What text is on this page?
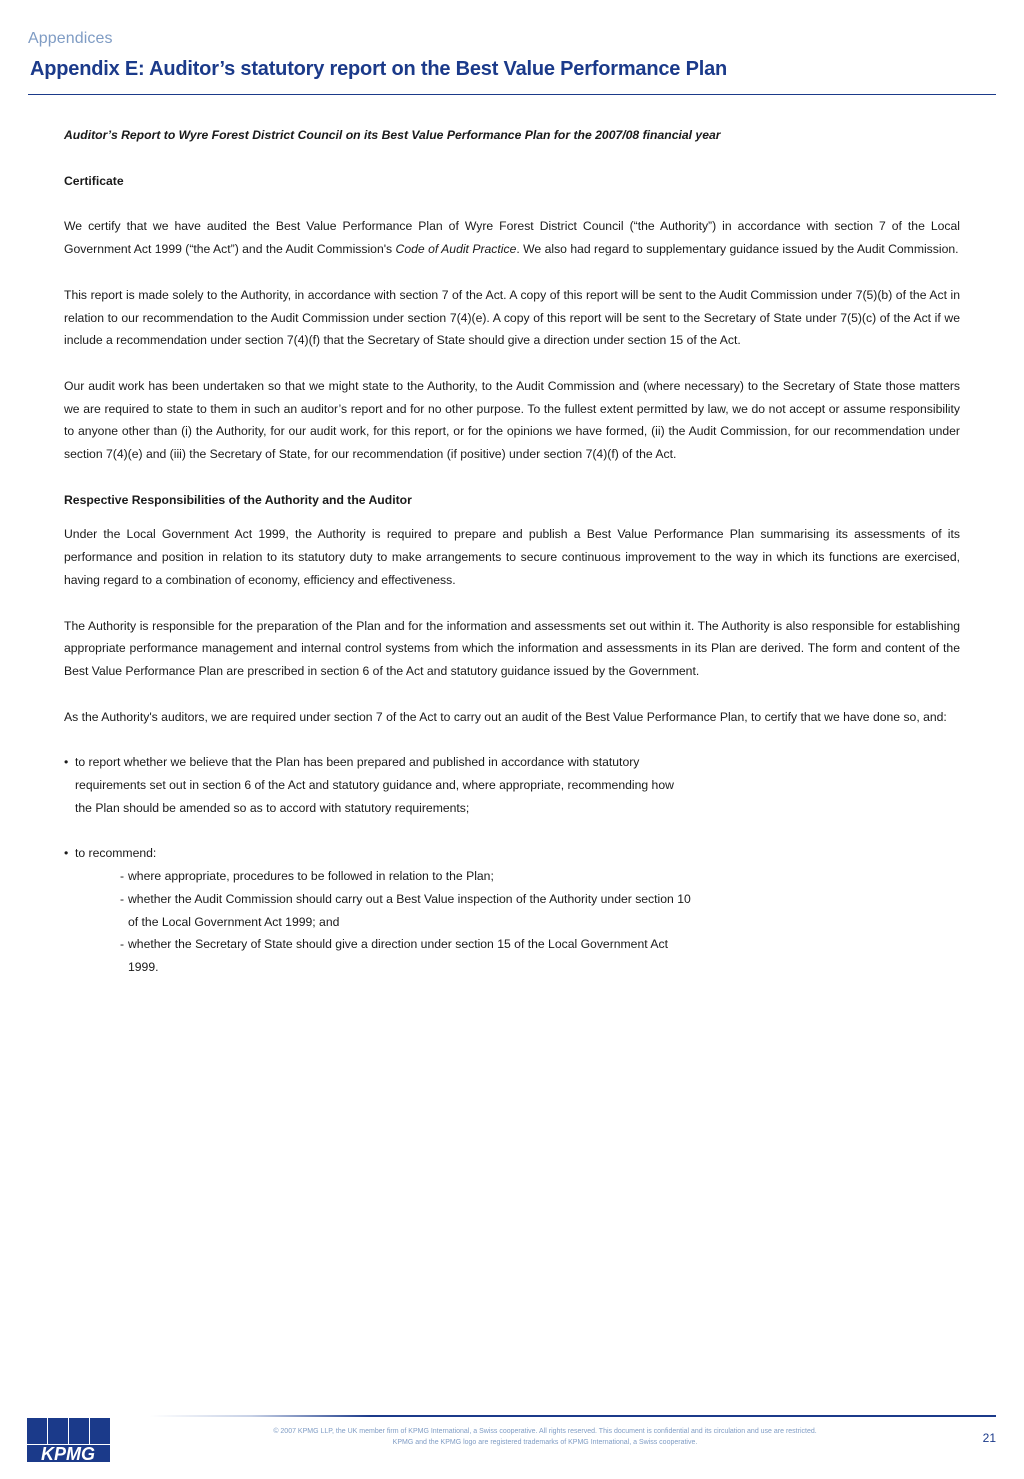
Appendices
Appendix E: Auditor’s statutory report on the Best Value Performance Plan
Auditor’s Report to Wyre Forest District Council on its Best Value Performance Plan for the 2007/08 financial year
Certificate

We certify that we have audited the Best Value Performance Plan of Wyre Forest District Council (“the Authority”) in accordance with section 7 of the Local Government Act 1999 (“the Act”) and the Audit Commission's Code of Audit Practice. We also had regard to supplementary guidance issued by the Audit Commission.

This report is made solely to the Authority, in accordance with section 7 of the Act. A copy of this report will be sent to the Audit Commission under 7(5)(b) of the Act in relation to our recommendation to the Audit Commission under section 7(4)(e). A copy of this report will be sent to the Secretary of State under 7(5)(c) of the Act if we include a recommendation under section 7(4)(f) that the Secretary of State should give a direction under section 15 of the Act.

Our audit work has been undertaken so that we might state to the Authority, to the Audit Commission and (where necessary) to the Secretary of State those matters we are required to state to them in such an auditor’s report and for no other purpose. To the fullest extent permitted by law, we do not accept or assume responsibility to anyone other than (i) the Authority, for our audit work, for this report, or for the opinions we have formed, (ii) the Audit Commission, for our recommendation under section 7(4)(e) and (iii) the Secretary of State, for our recommendation (if positive) under section 7(4)(f) of the Act.

Respective Responsibilities of the Authority and the Auditor

Under the Local Government Act 1999, the Authority is required to prepare and publish a Best Value Performance Plan summarising its assessments of its performance and position in relation to its statutory duty to make arrangements to secure continuous improvement to the way in which its functions are exercised, having regard to a combination of economy, efficiency and effectiveness.

The Authority is responsible for the preparation of the Plan and for the information and assessments set out within it. The Authority is also responsible for establishing appropriate performance management and internal control systems from which the information and assessments in its Plan are derived. The form and content of the Best Value Performance Plan are prescribed in section 6 of the Act and statutory guidance issued by the Government.

As the Authority's auditors, we are required under section 7 of the Act to carry out an audit of the Best Value Performance Plan, to certify that we have done so, and:

• to report whether we believe that the Plan has been prepared and published in accordance with statutory requirements set out in section 6 of the Act and statutory guidance and, where appropriate, recommending how the Plan should be amended so as to accord with statutory requirements;
• to recommend:
- where appropriate, procedures to be followed in relation to the Plan;
- whether the Audit Commission should carry out a Best Value inspection of the Authority under section 10 of the Local Government Act 1999; and
- whether the Secretary of State should give a direction under section 15 of the Local Government Act 1999.
KPMG
© 2007 KPMG LLP, the UK member firm of KPMG International, a Swiss cooperative. All rights reserved. This document is confidential and its circulation and use are restricted.
KPMG and the KPMG logo are registered trademarks of KPMG International, a Swiss cooperative.	21
